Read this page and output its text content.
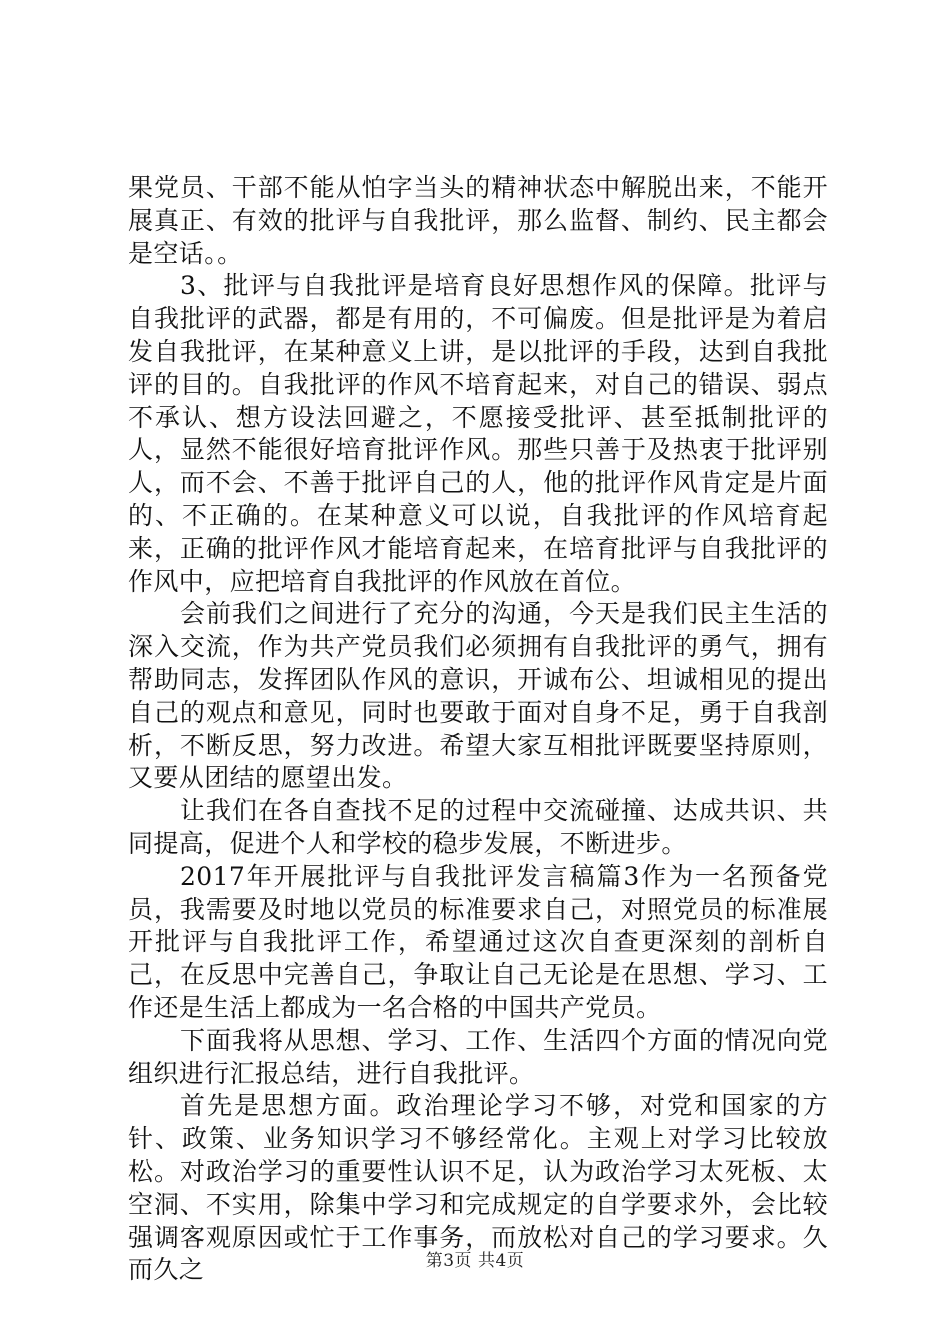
果党员、干部不能从怕字当头的精神状态中解脱出来，不能开展真正、有效的批评与自我批评，那么监督、制约、民主都会是空话。。

3、批评与自我批评是培育良好思想作风的保障。批评与自我批评的武器，都是有用的，不可偏废。但是批评是为着启发自我批评，在某种意义上讲，是以批评的手段，达到自我批评的目的。自我批评的作风不培育起来，对自己的错误、弱点不承认、想方设法回避之，不愿接受批评、甚至抵制批评的人，显然不能很好培育批评作风。那些只善于及热衷于批评别人，而不会、不善于批评自己的人，他的批评作风肯定是片面的、不正确的。在某种意义可以说，自我批评的作风培育起来，正确的批评作风才能培育起来，在培育批评与自我批评的作风中，应把培育自我批评的作风放在首位。

会前我们之间进行了充分的沟通，今天是我们民主生活的深入交流，作为共产党员我们必须拥有自我批评的勇气，拥有帮助同志，发挥团队作风的意识，开诚布公、坦诚相见的提出自己的观点和意见，同时也要敢于面对自身不足，勇于自我剖析，不断反思，努力改进。希望大家互相批评既要坚持原则，又要从团结的愿望出发。

让我们在各自查找不足的过程中交流碰撞、达成共识、共同提高，促进个人和学校的稳步发展，不断进步。

2017年开展批评与自我批评发言稿篇3作为一名预备党员，我需要及时地以党员的标准要求自己，对照党员的标准展开批评与自我批评工作，希望通过这次自查更深刻的剖析自己，在反思中完善自己，争取让自己无论是在思想、学习、工作还是生活上都成为一名合格的中国共产党员。

下面我将从思想、学习、工作、生活四个方面的情况向党组织进行汇报总结，进行自我批评。

首先是思想方面。政治理论学习不够，对党和国家的方针、政策、业务知识学习不够经常化。主观上对学习比较放松。对政治学习的重要性认识不足，认为政治学习太死板、太空洞、不实用，除集中学习和完成规定的自学要求外，会比较强调客观原因或忙于工作事务，而放松对自己的学习要求。久而久之	第3页 共4页
